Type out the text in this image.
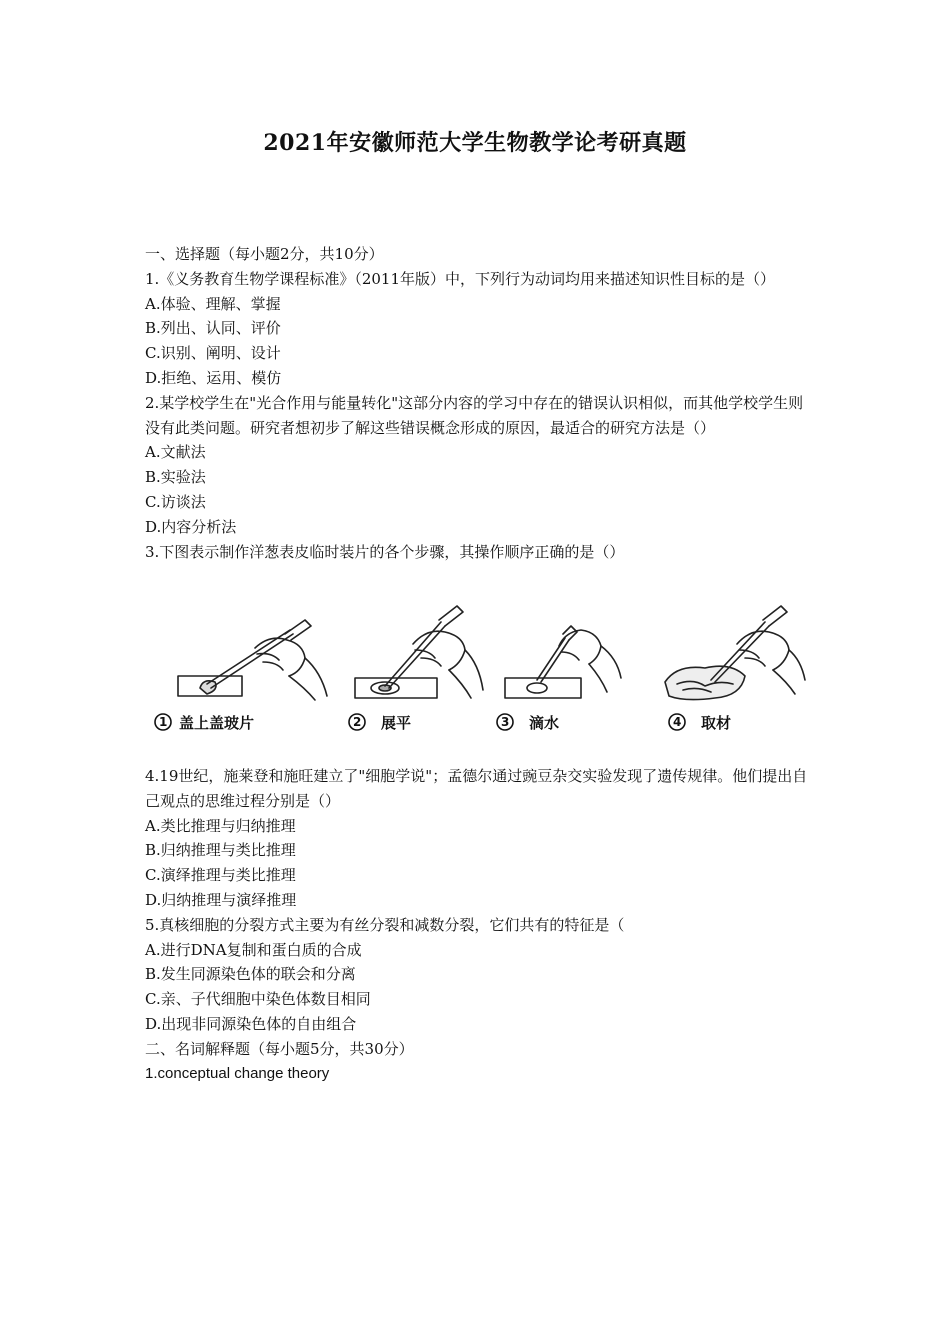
2021年安徽师范大学生物教学论考研真题

一、选择题（每小题2分，共10分）

1.《义务教育生物学课程标准》（2011年版）中，下列行为动词均用来描述知识性目标的是（）

A.体验、理解、掌握

B.列出、认同、评价

C.识别、阐明、设计

D.拒绝、运用、模仿

2.某学校学生在"光合作用与能量转化"这部分内容的学习中存在的错误认识相似，而其他学校学生则没有此类问题。研究者想初步了解这些错误概念形成的原因，最适合的研究方法是（）

A.文献法

B.实验法

C.访谈法

D.内容分析法

3.下图表示制作洋葱表皮临时装片的各个步骤，其操作顺序正确的是（）

1 盖上盖玻片	2 展平	3 滴水	4 取材

4.19世纪，施莱登和施旺建立了"细胞学说"；孟德尔通过豌豆杂交实验发现了遗传规律。他们提出自己观点的思维过程分别是（）

A.类比推理与归纳推理

B.归纳推理与类比推理

C.演绎推理与类比推理

D.归纳推理与演绎推理

5.真核细胞的分裂方式主要为有丝分裂和减数分裂，它们共有的特征是（

A.进行DNA复制和蛋白质的合成

B.发生同源染色体的联会和分离

C.亲、子代细胞中染色体数目相同

D.出现非同源染色体的自由组合

二、名词解释题（每小题5分，共30分）

1.conceptual change theory
